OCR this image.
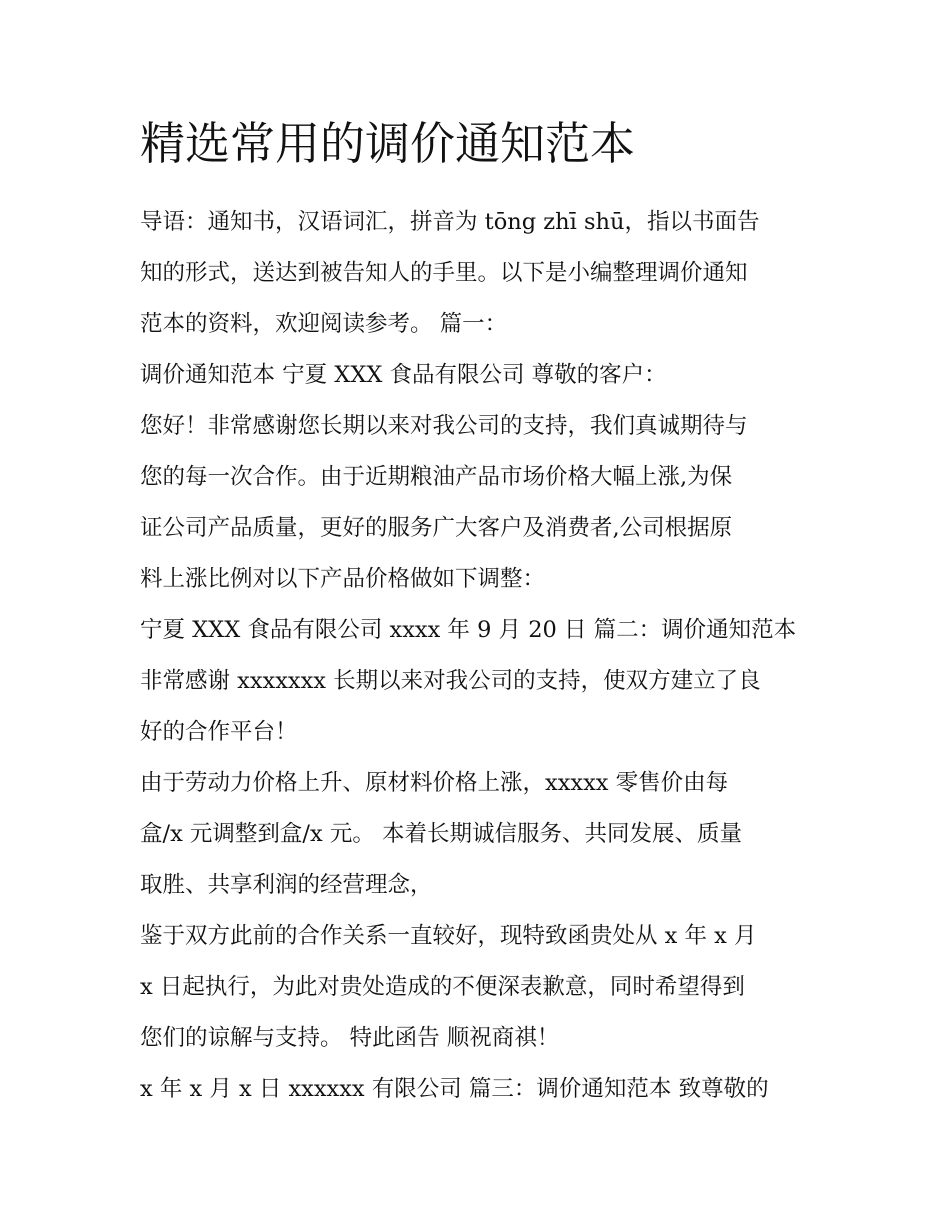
精选常用的调价通知范本
导语：通知书，汉语词汇，拼音为 tōng zhī shū，指以书面告
知的形式，送达到被告知人的手里。以下是小编整理调价通知
范本的资料，欢迎阅读参考。 篇一：
调价通知范本 宁夏 XXX 食品有限公司 尊敬的客户：
您好！非常感谢您长期以来对我公司的支持，我们真诚期待与
您的每一次合作。由于近期粮油产品市场价格大幅上涨,为保
证公司产品质量，更好的服务广大客户及消费者,公司根据原
料上涨比例对以下产品价格做如下调整：
宁夏 XXX 食品有限公司 xxxx 年 9 月 20 日 篇二：调价通知范本
非常感谢 xxxxxxx 长期以来对我公司的支持，使双方建立了良
好的合作平台！
由于劳动力价格上升、原材料价格上涨，xxxxx 零售价由每
盒/x 元调整到盒/x 元。 本着长期诚信服务、共同发展、质量
取胜、共享利润的经营理念，
鉴于双方此前的合作关系一直较好，现特致函贵处从 x 年 x 月
x 日起执行，为此对贵处造成的不便深表歉意，同时希望得到
您们的谅解与支持。 特此函告 顺祝商祺！
x 年 x 月 x 日 xxxxxx 有限公司 篇三：调价通知范本 致尊敬的
